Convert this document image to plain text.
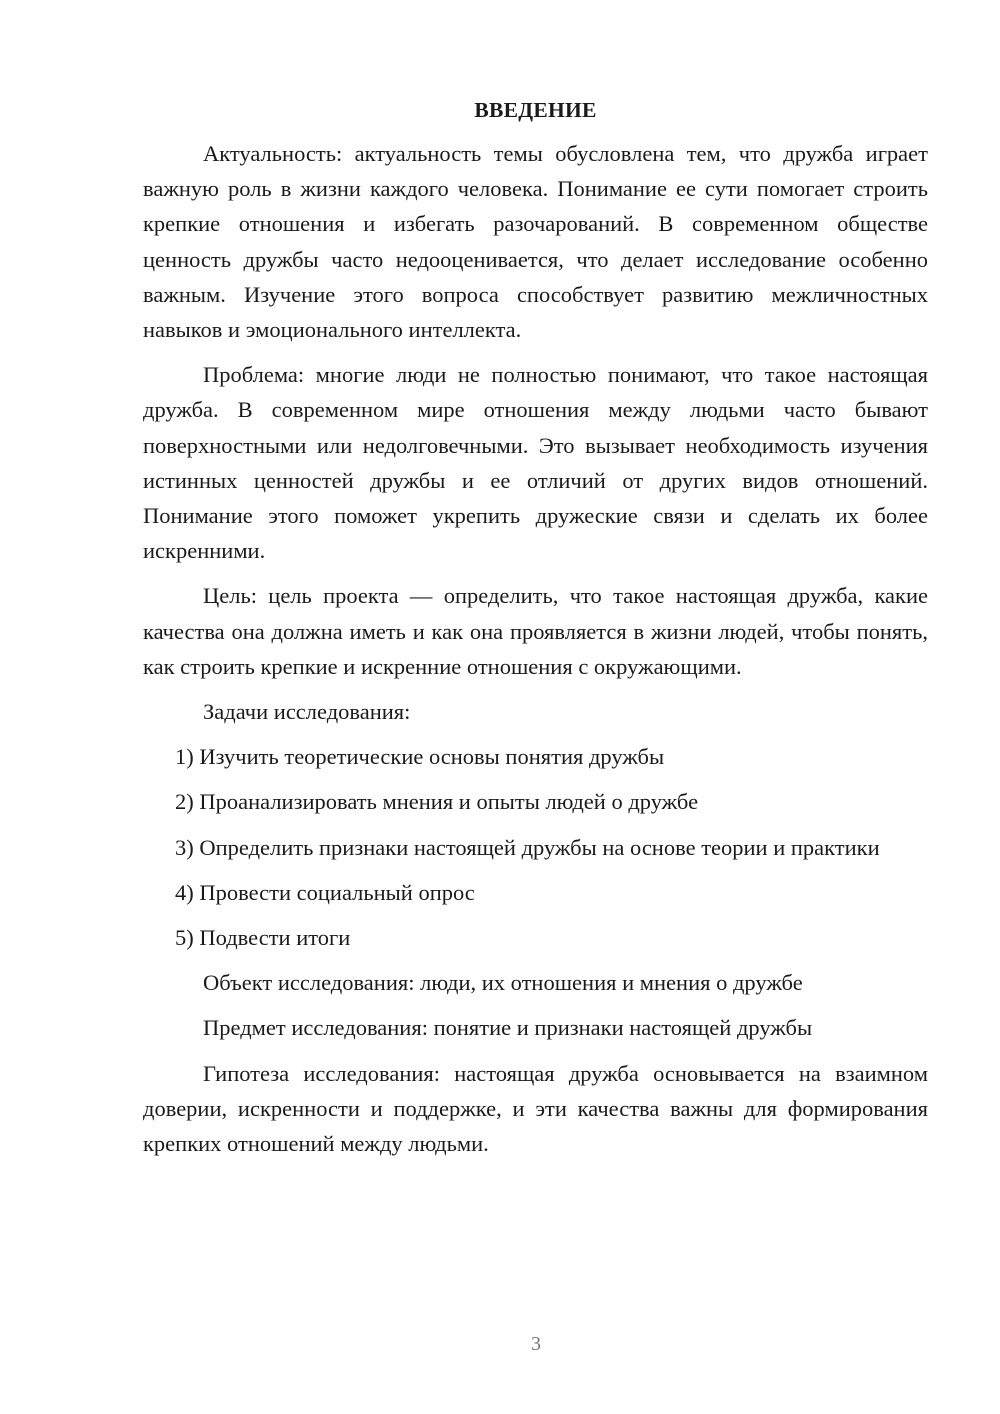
ВВЕДЕНИЕ

Актуальность: актуальность темы обусловлена тем, что дружба играет важную роль в жизни каждого человека. Понимание ее сути помогает строить крепкие отношения и избегать разочарований. В современном обществе ценность дружбы часто недооценивается, что делает исследование особенно важным. Изучение этого вопроса способствует развитию межличностных навыков и эмоционального интеллекта.

Проблема: многие люди не полностью понимают, что такое настоящая дружба. В современном мире отношения между людьми часто бывают поверхностными или недолговечными. Это вызывает необходимость изучения истинных ценностей дружбы и ее отличий от других видов отношений. Понимание этого поможет укрепить дружеские связи и сделать их более искренними.

Цель: цель проекта — определить, что такое настоящая дружба, какие качества она должна иметь и как она проявляется в жизни людей, чтобы понять, как строить крепкие и искренние отношения с окружающими.

Задачи исследования:

1) Изучить теоретические основы понятия дружбы

2) Проанализировать мнения и опыты людей о дружбе

3) Определить признаки настоящей дружбы на основе теории и практики

4) Провести социальный опрос

5) Подвести итоги

Объект исследования: люди, их отношения и мнения о дружбе

Предмет исследования: понятие и признаки настоящей дружбы

Гипотеза исследования: настоящая дружба основывается на взаимном доверии, искренности и поддержке, и эти качества важны для формирования крепких отношений между людьми.

3
